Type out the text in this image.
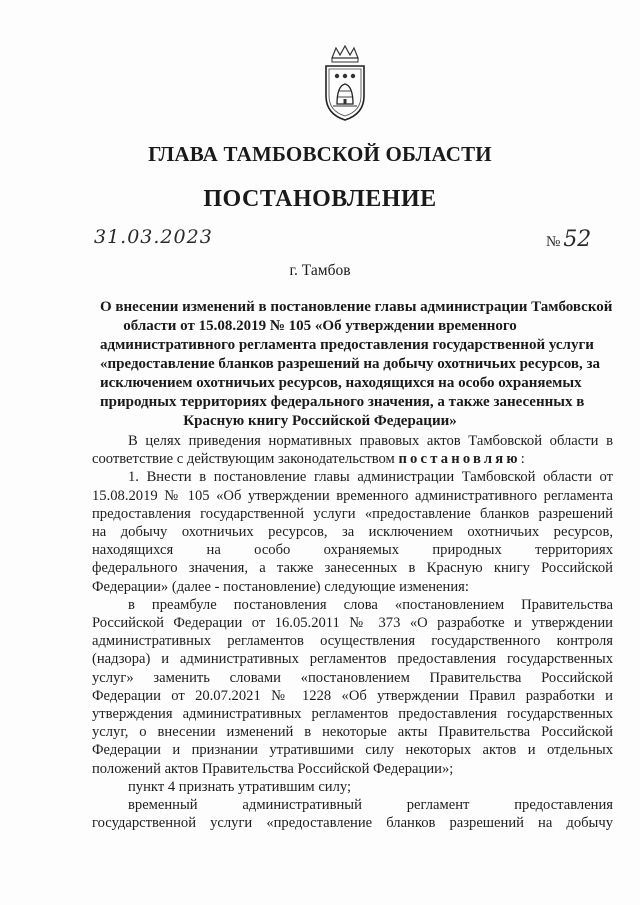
ГЛАВА ТАМБОВСКОЙ ОБЛАСТИ
ПОСТАНОВЛЕНИЕ
31.03.2023	№ 52
г. Тамбов
О внесении изменений в постановление главы администрации Тамбовской
области от 15.08.2019 № 105 «Об утверждении временного
административного регламента предоставления государственной услуги
«предоставление бланков разрешений на добычу охотничьих ресурсов, за
исключением охотничьих ресурсов, находящихся на особо охраняемых
природных территориях федерального значения, а также занесенных в
Красную книгу Российской Федерации»
В целях приведения нормативных правовых актов Тамбовской области в
соответствие с действующим законодательством постановляю:
1. Внести в постановление главы администрации Тамбовской области от
15.08.2019 № 105 «Об утверждении временного административного регламента
предоставления государственной услуги «предоставление бланков разрешений
на добычу охотничьих ресурсов, за исключением охотничьих ресурсов,
находящихся на особо охраняемых природных территориях
федерального значения, а также занесенных в Красную книгу Российской
Федерации» (далее - постановление) следующие изменения:
в преамбуле постановления слова «постановлением Правительства
Российской Федерации от 16.05.2011 № 373 «О разработке и утверждении
административных регламентов осуществления государственного контроля
(надзора) и административных регламентов предоставления государственных
услуг» заменить словами «постановлением Правительства Российской
Федерации от 20.07.2021 № 1228 «Об утверждении Правил разработки и
утверждения административных регламентов предоставления государственных
услуг, о внесении изменений в некоторые акты Правительства Российской
Федерации и признании утратившими силу некоторых актов и отдельных
положений актов Правительства Российской Федерации»;
пункт 4 признать утратившим силу;
временный административный регламент предоставления
государственной услуги «предоставление бланков разрешений на добычу
